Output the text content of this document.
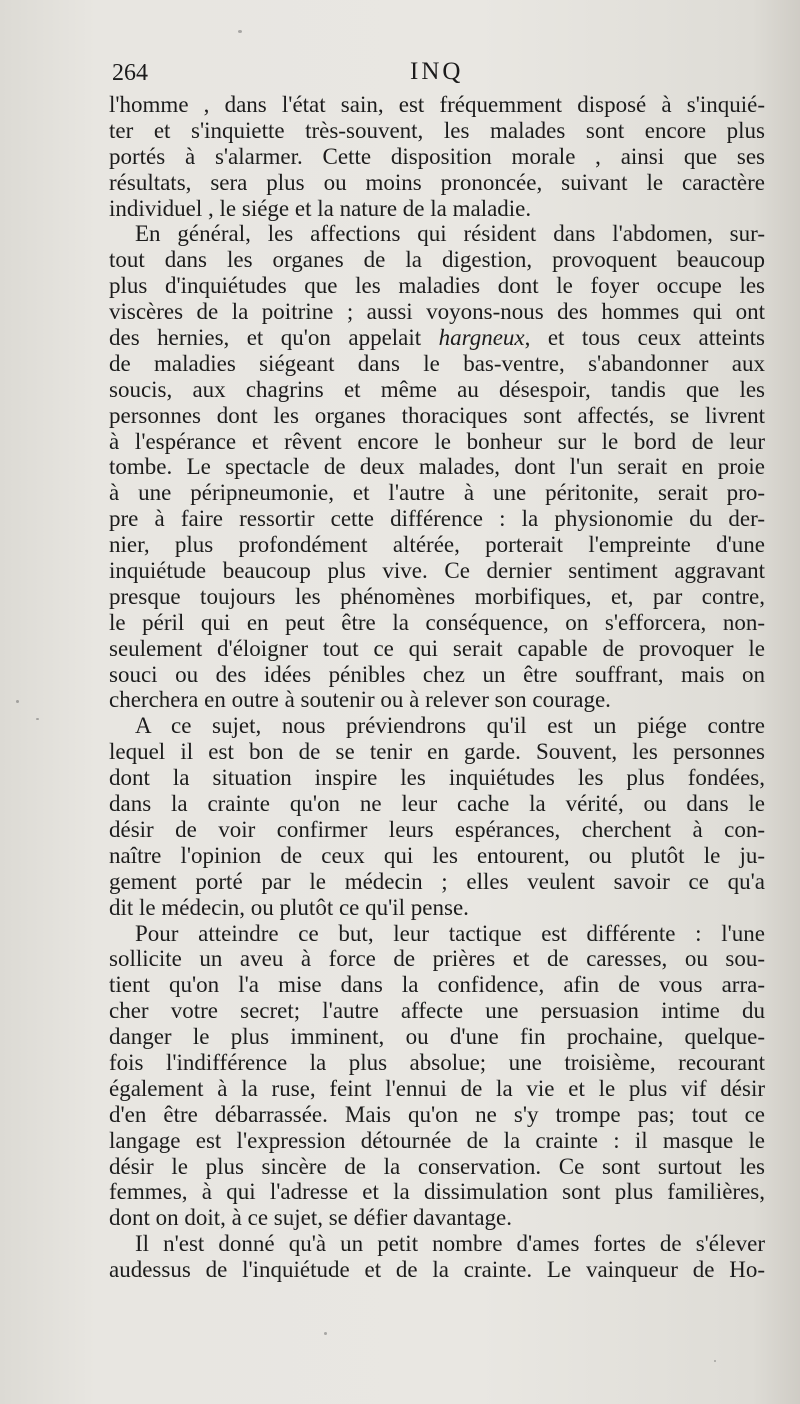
264	INQ
l'homme , dans l'état sain, est fréquemment disposé à s'inquié-
ter et s'inquiette très-souvent, les malades sont encore plus
portés à s'alarmer. Cette disposition morale , ainsi que ses
résultats, sera plus ou moins prononcée, suivant le caractère
individuel , le siége et la nature de la maladie.
En général, les affections qui résident dans l'abdomen, sur-
tout dans les organes de la digestion, provoquent beaucoup
plus d'inquiétudes que les maladies dont le foyer occupe les
viscères de la poitrine ; aussi voyons-nous des hommes qui ont
des hernies, et qu'on appelait hargneux, et tous ceux atteints
de maladies siégeant dans le bas-ventre, s'abandonner aux
soucis, aux chagrins et même au désespoir, tandis que les
personnes dont les organes thoraciques sont affectés, se livrent
à l'espérance et rêvent encore le bonheur sur le bord de leur
tombe. Le spectacle de deux malades, dont l'un serait en proie
à une péripneumonie, et l'autre à une péritonite, serait pro-
pre à faire ressortir cette différence : la physionomie du der-
nier, plus profondément altérée, porterait l'empreinte d'une
inquiétude beaucoup plus vive. Ce dernier sentiment aggravant
presque toujours les phénomènes morbifiques, et, par contre,
le péril qui en peut être la conséquence, on s'efforcera, non-
seulement d'éloigner tout ce qui serait capable de provoquer le
souci ou des idées pénibles chez un être souffrant, mais on
cherchera en outre à soutenir ou à relever son courage.
A ce sujet, nous préviendrons qu'il est un piége contre
lequel il est bon de se tenir en garde. Souvent, les personnes
dont la situation inspire les inquiétudes les plus fondées,
dans la crainte qu'on ne leur cache la vérité, ou dans le
désir de voir confirmer leurs espérances, cherchent à con-
naître l'opinion de ceux qui les entourent, ou plutôt le ju-
gement porté par le médecin ; elles veulent savoir ce qu'a
dit le médecin, ou plutôt ce qu'il pense.
Pour atteindre ce but, leur tactique est différente : l'une
sollicite un aveu à force de prières et de caresses, ou sou-
tient qu'on l'a mise dans la confidence, afin de vous arra-
cher votre secret; l'autre affecte une persuasion intime du
danger le plus imminent, ou d'une fin prochaine, quelque-
fois l'indifférence la plus absolue; une troisième, recourant
également à la ruse, feint l'ennui de la vie et le plus vif désir
d'en être débarrassée. Mais qu'on ne s'y trompe pas; tout ce
langage est l'expression détournée de la crainte : il masque le
désir le plus sincère de la conservation. Ce sont surtout les
femmes, à qui l'adresse et la dissimulation sont plus familières,
dont on doit, à ce sujet, se défier davantage.
Il n'est donné qu'à un petit nombre d'ames fortes de s'élever
audessus de l'inquiétude et de la crainte. Le vainqueur de Ho-
